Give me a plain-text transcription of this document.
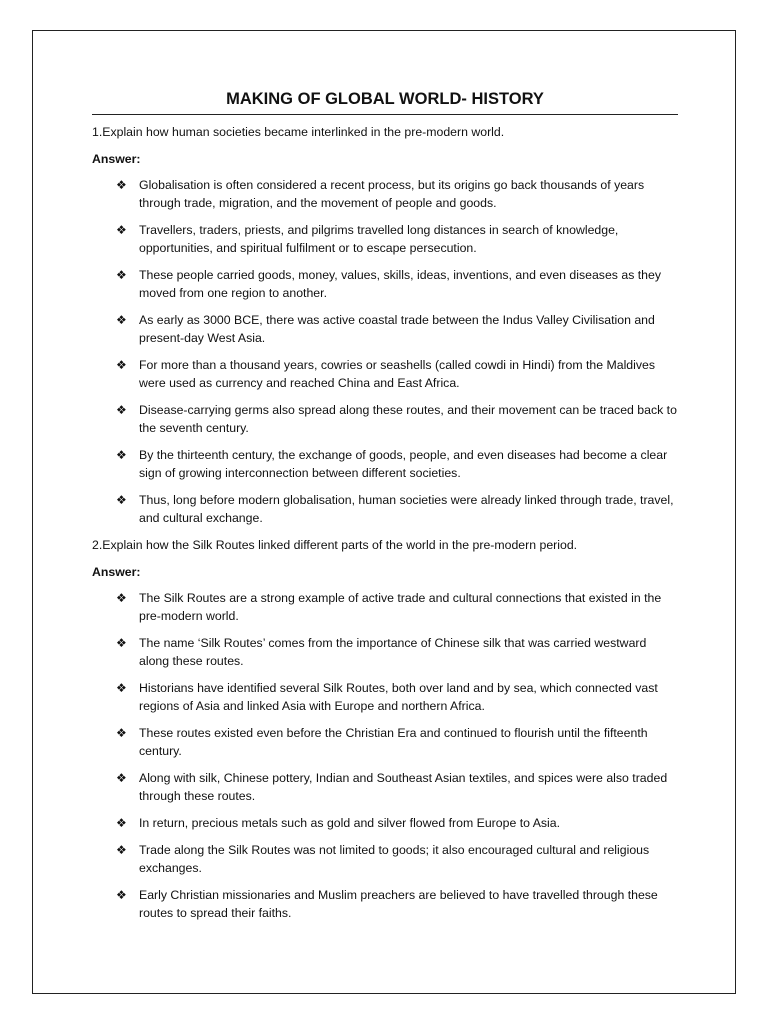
MAKING OF GLOBAL WORLD- HISTORY

1.Explain how human societies became interlinked in the pre-modern world.

Answer:

❖ Globalisation is often considered a recent process, but its origins go back thousands of years through trade, migration, and the movement of people and goods.
❖ Travellers, traders, priests, and pilgrims travelled long distances in search of knowledge, opportunities, and spiritual fulfilment or to escape persecution.
❖ These people carried goods, money, values, skills, ideas, inventions, and even diseases as they moved from one region to another.
❖ As early as 3000 BCE, there was active coastal trade between the Indus Valley Civilisation and present-day West Asia.
❖ For more than a thousand years, cowries or seashells (called cowdi in Hindi) from the Maldives were used as currency and reached China and East Africa.
❖ Disease-carrying germs also spread along these routes, and their movement can be traced back to the seventh century.
❖ By the thirteenth century, the exchange of goods, people, and even diseases had become a clear sign of growing interconnection between different societies.
❖ Thus, long before modern globalisation, human societies were already linked through trade, travel, and cultural exchange.

2.Explain how the Silk Routes linked different parts of the world in the pre-modern period.

Answer:

❖ The Silk Routes are a strong example of active trade and cultural connections that existed in the pre-modern world.
❖ The name ‘Silk Routes’ comes from the importance of Chinese silk that was carried westward along these routes.
❖ Historians have identified several Silk Routes, both over land and by sea, which connected vast regions of Asia and linked Asia with Europe and northern Africa.
❖ These routes existed even before the Christian Era and continued to flourish until the fifteenth century.
❖ Along with silk, Chinese pottery, Indian and Southeast Asian textiles, and spices were also traded through these routes.
❖ In return, precious metals such as gold and silver flowed from Europe to Asia.
❖ Trade along the Silk Routes was not limited to goods; it also encouraged cultural and religious exchanges.
❖ Early Christian missionaries and Muslim preachers are believed to have travelled through these routes to spread their faiths.
